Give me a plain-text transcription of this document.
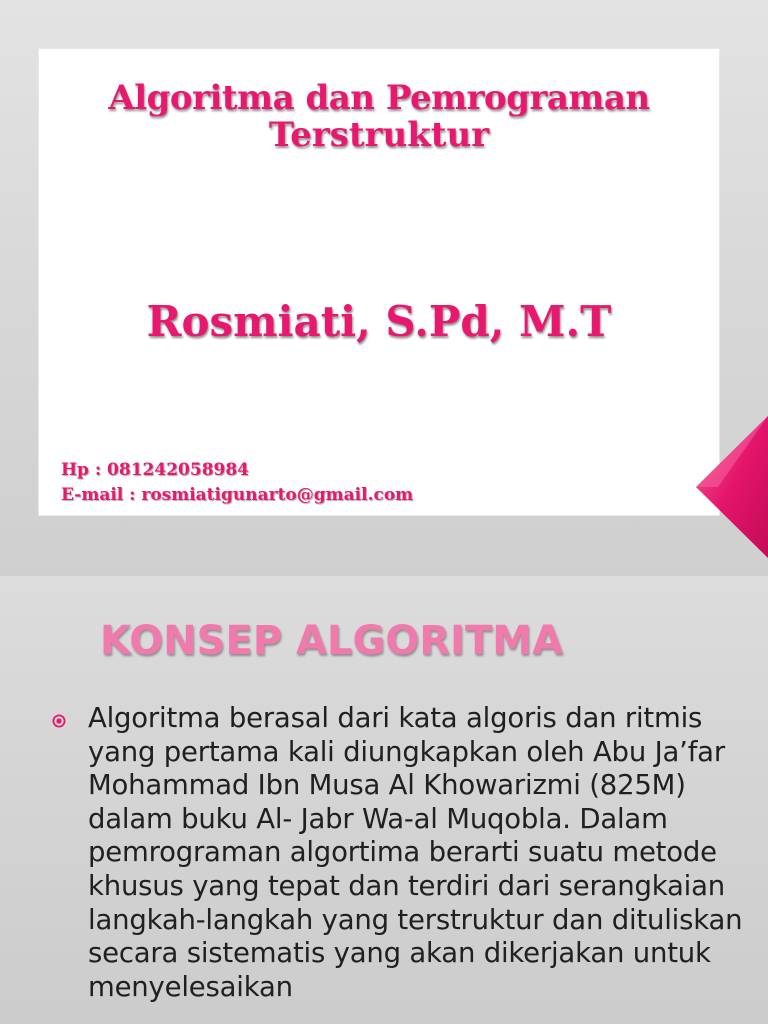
Algoritma dan Pemrograman
Terstruktur
Rosmiati, S.Pd, M.T
Hp : 081242058984
E-mail : rosmiatigunarto@gmail.com
KONSEP ALGORITMA
Algoritma berasal dari kata algoris dan ritmis yang pertama kali diungkapkan oleh Abu Ja’far Mohammad Ibn Musa Al Khowarizmi (825M) dalam buku Al- Jabr Wa-al Muqobla. Dalam pemrograman algortima berarti suatu metode khusus yang tepat dan terdiri dari serangkaian langkah-langkah yang terstruktur dan dituliskan secara sistematis yang akan dikerjakan untuk menyelesaikan
